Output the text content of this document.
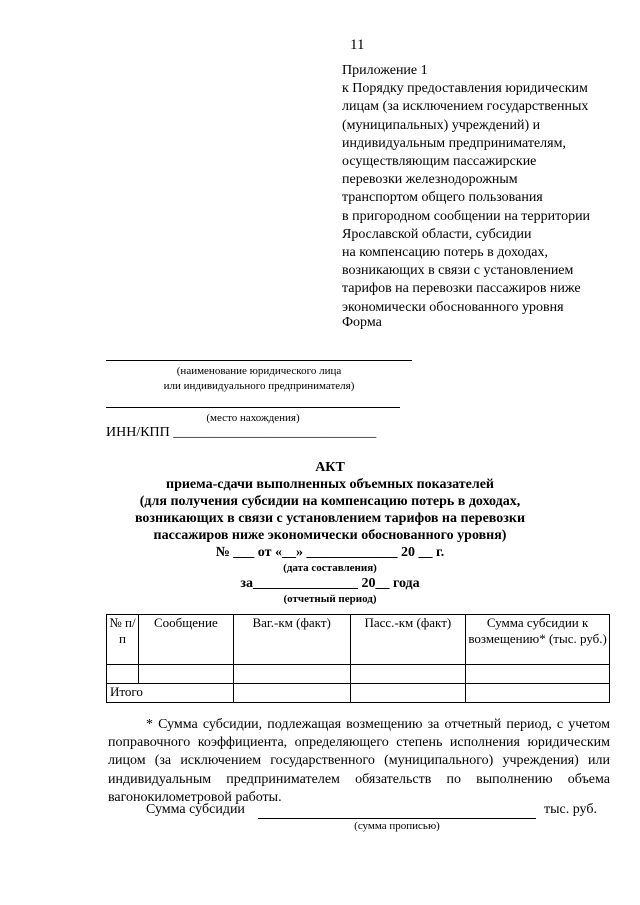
11
Приложение 1
к Порядку предоставления юридическим
лицам (за исключением государственных
(муниципальных) учреждений) и
индивидуальным предпринимателям,
осуществляющим пассажирские
перевозки железнодорожным
транспортом общего пользования
в пригородном сообщении на территории
Ярославской области, субсидии
на компенсацию потерь в доходах,
возникающих в связи с установлением
тарифов на перевозки пассажиров ниже
экономически обоснованного уровня
Форма
(наименование юридического лица
или индивидуального предпринимателя)
(место нахождения)
ИНН/КПП _____________________________
АКТ
приема-сдачи выполненных объемных показателей
(для получения субсидии на компенсацию потерь в доходах,
возникающих в связи с установлением тарифов на перевозки
пассажиров ниже экономически обоснованного уровня)
№ ___ от «__» _____________ 20 __ г.
(дата составления)
за_______________ 20__ года
(отчетный период)
№ п/п	Сообщение	Ваг.-км (факт)	Пасс.-км (факт)	Сумма субсидии к возмещению* (тыс. руб.)

Итого				

* Сумма субсидии, подлежащая возмещению за отчетный период, с учетом поправочного коэффициента, определяющего степень исполнения юридическим лицом (за исключением государственного (муниципального) учреждения) или индивидуальным предпринимателем обязательств по выполнению объема вагонокилометровой работы.

Сумма субсидии	тыс. руб.
(сумма прописью)
